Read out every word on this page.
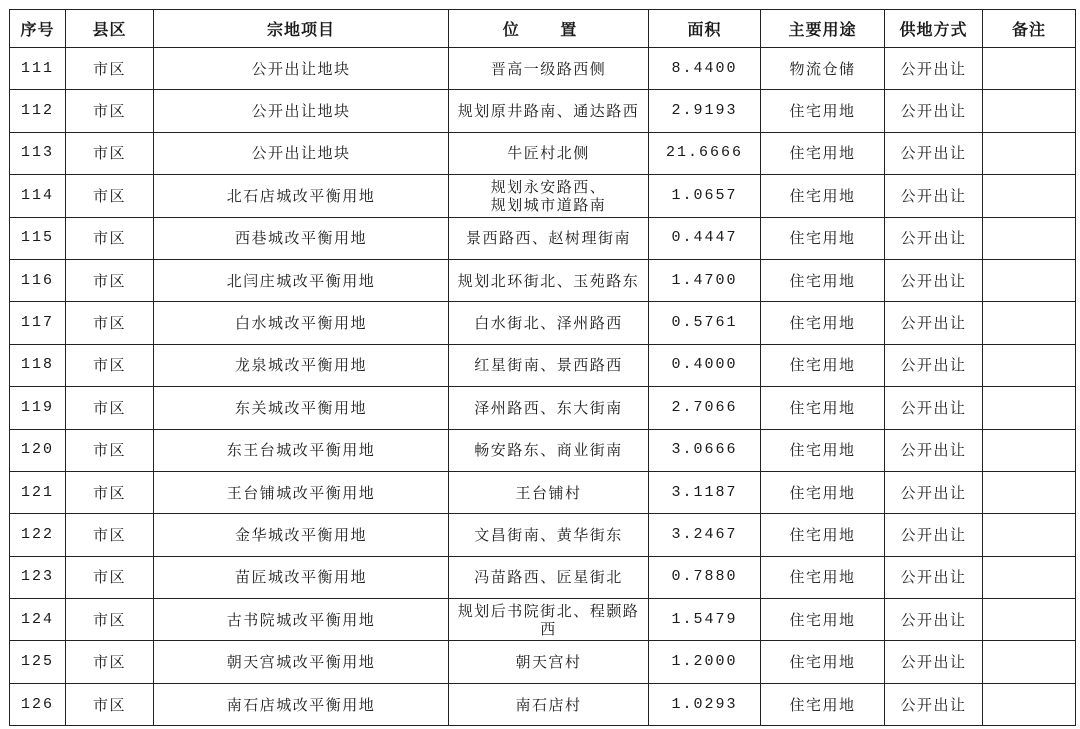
序号	县区	宗地项目	位 置	面积	主要用途	供地方式	备注
111	市区	公开出让地块	晋高一级路西侧	8.4400	物流仓储	公开出让	
112	市区	公开出让地块	规划原井路南、通达路西	2.9193	住宅用地	公开出让	
113	市区	公开出让地块	牛匠村北侧	21.6666	住宅用地	公开出让	
114	市区	北石店城改平衡用地	规划永安路西、
规划城市道路南	1.0657	住宅用地	公开出让	
115	市区	西巷城改平衡用地	景西路西、赵树理街南	0.4447	住宅用地	公开出让	
116	市区	北闫庄城改平衡用地	规划北环街北、玉苑路东	1.4700	住宅用地	公开出让	
117	市区	白水城改平衡用地	白水街北、泽州路西	0.5761	住宅用地	公开出让	
118	市区	龙泉城改平衡用地	红星街南、景西路西	0.4000	住宅用地	公开出让	
119	市区	东关城改平衡用地	泽州路西、东大街南	2.7066	住宅用地	公开出让	
120	市区	东王台城改平衡用地	畅安路东、商业街南	3.0666	住宅用地	公开出让	
121	市区	王台铺城改平衡用地	王台铺村	3.1187	住宅用地	公开出让	
122	市区	金华城改平衡用地	文昌街南、黄华街东	3.2467	住宅用地	公开出让	
123	市区	苗匠城改平衡用地	冯苗路西、匠星街北	0.7880	住宅用地	公开出让	
124	市区	古书院城改平衡用地	规划后书院街北、程颢路西	1.5479	住宅用地	公开出让	
125	市区	朝天宫城改平衡用地	朝天宫村	1.2000	住宅用地	公开出让	
126	市区	南石店城改平衡用地	南石店村	1.0293	住宅用地	公开出让	
